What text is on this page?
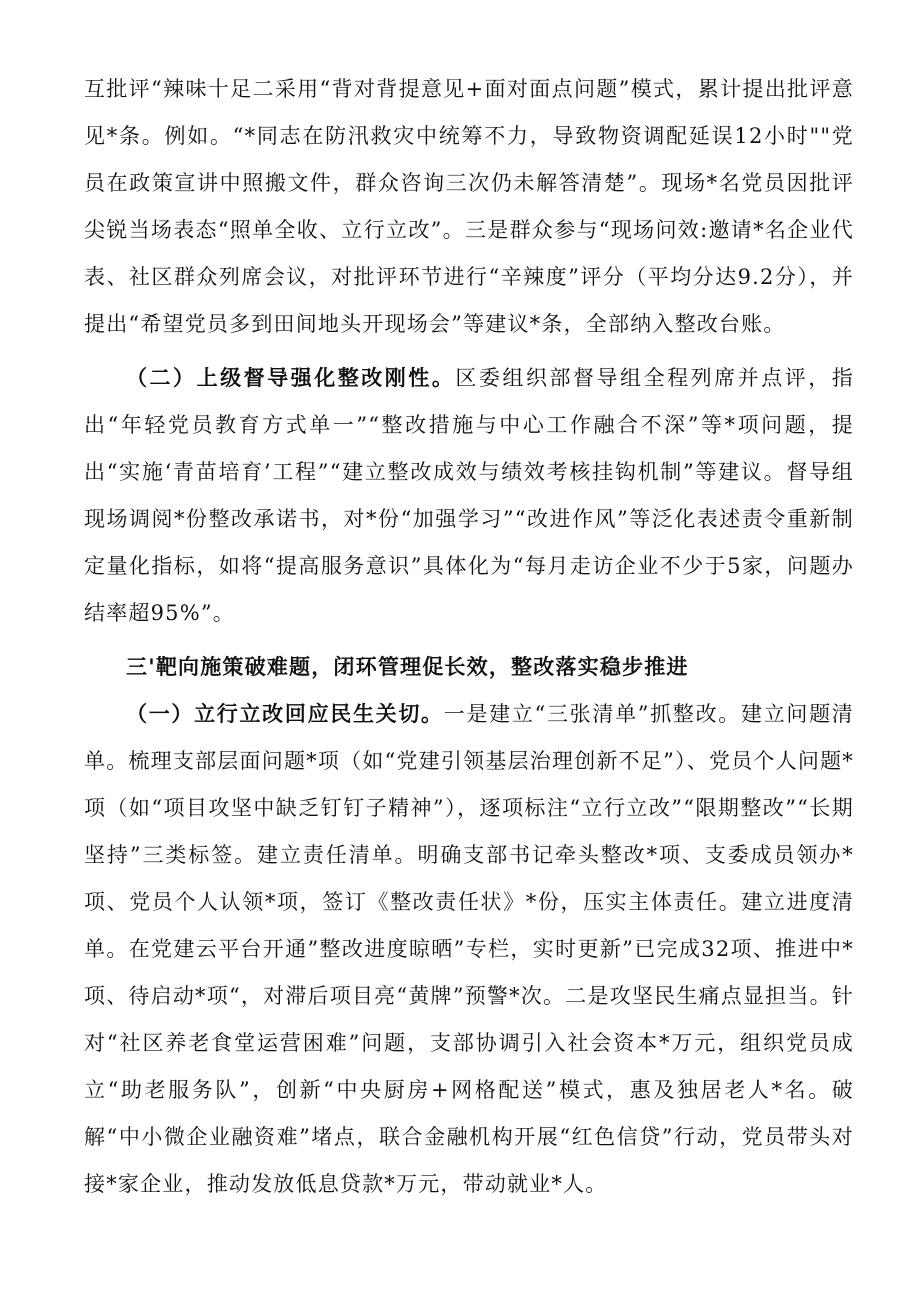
互批评“辣味十足二采用“背对背提意见+面对面点问题”模式，累计提出批评意见*条。例如。“*同志在防汛救灾中统筹不力，导致物资调配延误12小时""党员在政策宣讲中照搬文件，群众咨询三次仍未解答清楚”。现场*名党员因批评尖锐当场表态“照单全收、立行立改”。三是群众参与“现场问效:邀请*名企业代表、社区群众列席会议，对批评环节进行“辛辣度”评分（平均分达9.2分），并提出“希望党员多到田间地头开现场会”等建议*条，全部纳入整改台账。

（二）上级督导强化整改刚性。区委组织部督导组全程列席并点评，指出“年轻党员教育方式单一”“整改措施与中心工作融合不深”等*项问题，提出“实施‘青苗培育’工程”“建立整改成效与绩效考核挂钩机制”等建议。督导组现场调阅*份整改承诺书，对*份“加强学习”“改进作风”等泛化表述责令重新制定量化指标，如将“提高服务意识”具体化为“每月走访企业不少于5家，问题办结率超95%”。

三'靶向施策破难题，闭环管理促长效，整改落实稳步推进

（一）立行立改回应民生关切。一是建立“三张清单”抓整改。建立问题清单。梳理支部层面问题*项（如“党建引领基层治理创新不足”）、党员个人问题*项（如“项目攻坚中缺乏钉钉子精神”），逐项标注“立行立改”“限期整改”“长期坚持”三类标签。建立责任清单。明确支部书记牵头整改*项、支委成员领办*项、党员个人认领*项，签订《整改责任状》*份，压实主体责任。建立进度清单。在党建云平台开通”整改进度晾晒”专栏，实时更新”已完成32项、推进中*项、待启动*项“，对滞后项目亮“黄牌”预警*次。二是攻坚民生痛点显担当。针对“社区养老食堂运营困难”问题，支部协调引入社会资本*万元，组织党员成立“助老服务队”，创新“中央厨房+网格配送”模式，惠及独居老人*名。破解“中小微企业融资难”堵点，联合金融机构开展“红色信贷”行动，党员带头对接*家企业，推动发放低息贷款*万元，带动就业*人。
